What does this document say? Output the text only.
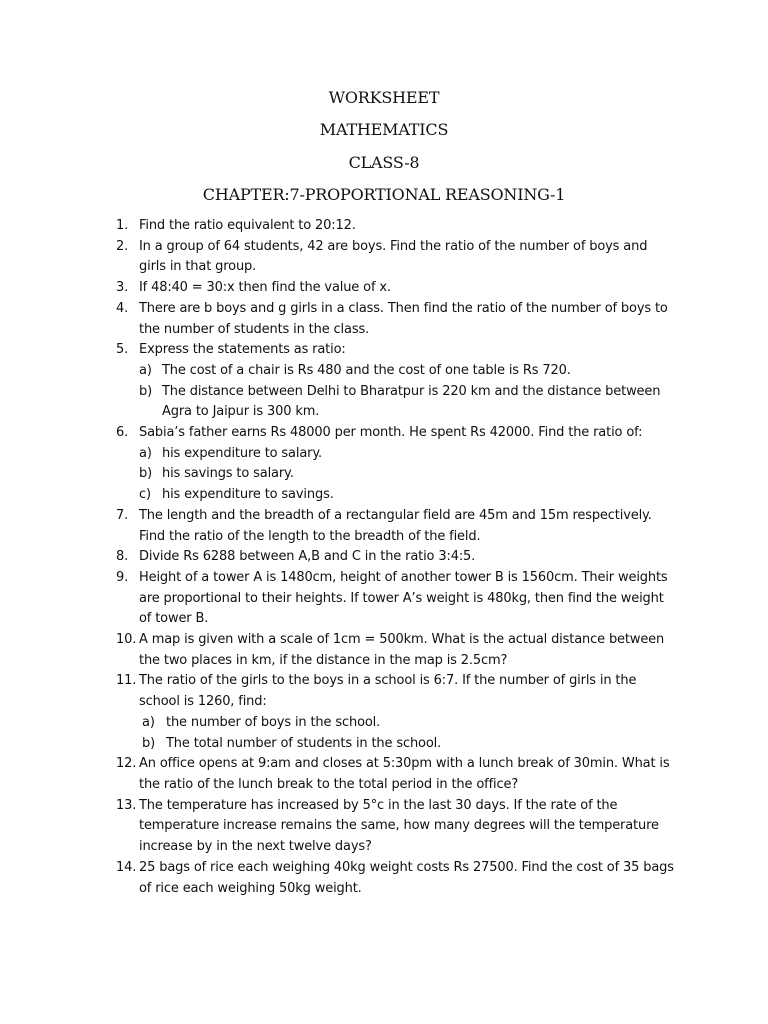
WORKSHEET
MATHEMATICS
CLASS-8
CHAPTER:7-PROPORTIONAL REASONING-1
1. Find the ratio equivalent to 20:12.
2. In a group of 64 students, 42 are boys. Find the ratio of the number of boys and girls in that group.
3. If 48:40 = 30:x then find the value of x.
4. There are b boys and g girls in a class. Then find the ratio of the number of boys to the number of students in the class.
5. Express the statements as ratio:
a) The cost of a chair is Rs 480 and the cost of one table is Rs 720.
b) The distance between Delhi to Bharatpur is 220 km and the distance between Agra to Jaipur is 300 km.
6. Sabia’s father earns Rs 48000 per month. He spent Rs 42000. Find the ratio of:
a) his expenditure to salary.
b) his savings to salary.
c) his expenditure to savings.
7. The length and the breadth of a rectangular field are 45m and 15m respectively. Find the ratio of the length to the breadth of the field.
8. Divide Rs 6288 between A,B and C in the ratio 3:4:5.
9. Height of a tower A is 1480cm, height of another tower B is 1560cm. Their weights are proportional to their heights. If tower A’s weight is 480kg, then find the weight of tower B.
10. A map is given with a scale of 1cm = 500km. What is the actual distance between the two places in km, if the distance in the map is 2.5cm?
11. The ratio of the girls to the boys in a school is 6:7. If the number of girls in the school is 1260, find:
a) the number of boys in the school.
b) The total number of students in the school.
12. An office opens at 9:am and closes at 5:30pm with a lunch break of 30min. What is the ratio of the lunch break to the total period in the office?
13. The temperature has increased by 5°c in the last 30 days. If the rate of the temperature increase remains the same, how many degrees will the temperature increase by in the next twelve days?
14. 25 bags of rice each weighing 40kg weight costs Rs 27500. Find the cost of 35 bags of rice each weighing 50kg weight.
